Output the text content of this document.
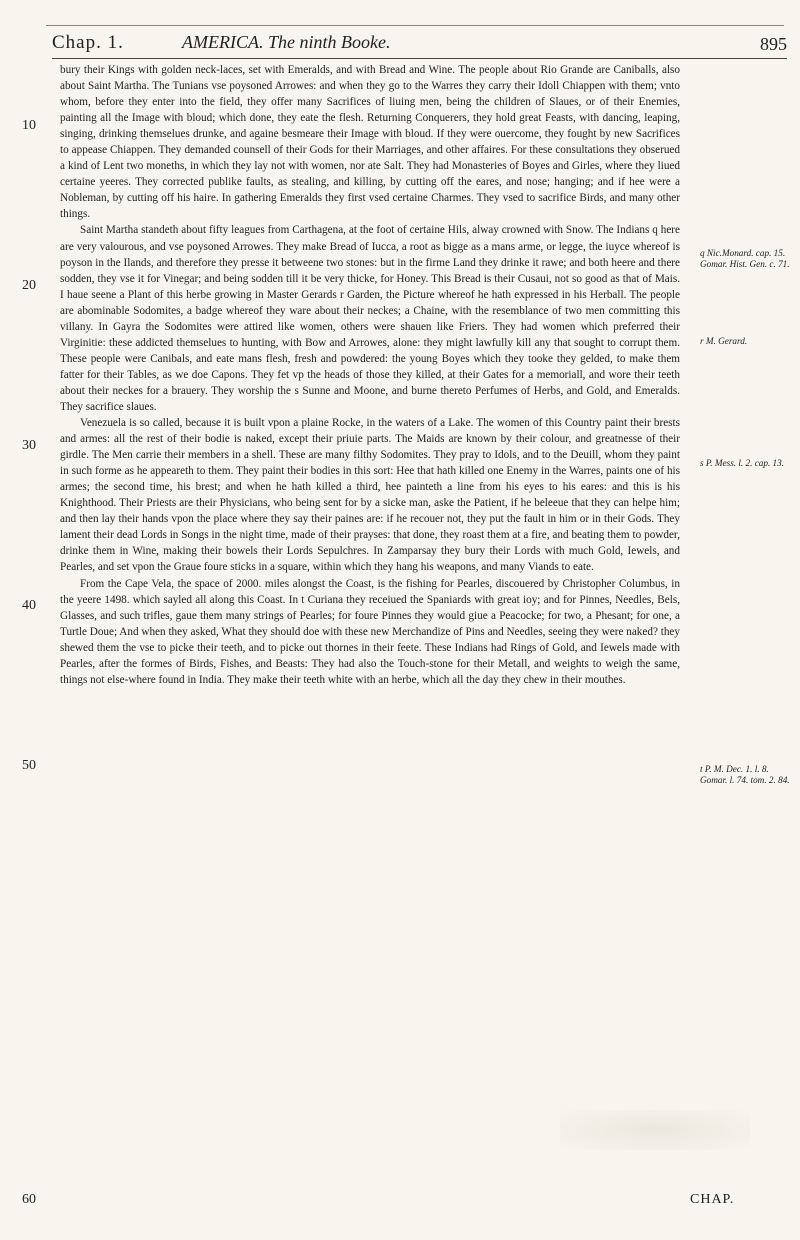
Chap. 1.	AMERICA. The ninth Booke.	895
10
20
30
40
50
60

bury their Kings with golden neck-laces, set with Emeralds, and with Bread and Wine. The people about Rio Grande are Caniballs, also about Saint Martha. The Tunians vse poysoned Arrowes: and when they go to the Warres they carry their Idoll Chiappen with them; vnto whom, before they enter into the field, they offer many Sacrifices of liuing men, being the children of Slaues, or of their Enemies, painting all the Image with bloud; which done, they eate the flesh. Returning Conquerers, they hold great Feasts, with dancing, leaping, singing, drinking themselues drunke, and againe besmeare their Image with bloud. If they were ouercome, they fought by new Sacrifices to appease Chiappen. They demanded counsell of their Gods for their Marriages, and other affaires. For these consultations they obserued a kind of Lent two moneths, in which they lay not with women, nor ate Salt. They had Monasteries of Boyes and Girles, where they liued certaine yeeres. They corrected publike faults, as stealing, and killing, by cutting off the eares, and nose; hanging; and if hee were a Nobleman, by cutting off his haire. In gathering Emeralds they first vsed certaine Charmes. They vsed to sacrifice Birds, and many other things.

Saint Martha standeth about fifty leagues from Carthagena, at the foot of certaine Hils, alway crowned with Snow. The Indians q here are very valourous, and vse poysoned Arrowes. They make Bread of Iucca, a root as bigge as a mans arme, or legge, the iuyce whereof is poyson in the Ilands, and therefore they presse it betweene two stones: but in the firme Land they drinke it rawe; and both heere and there sodden, they vse it for Vinegar; and being sodden till it be very thicke, for Honey. This Bread is their Cusaui, not so good as that of Mais. I haue seene a Plant of this herbe growing in Master Gerards r Garden, the Picture whereof he hath expressed in his Herball. The people are abominable Sodomites, a badge whereof they ware about their neckes; a Chaine, with the resemblance of two men committing this villany. In Gayra the Sodomites were attired like women, others were shauen like Friers. They had women which preferred their Virginitie: these addicted themselues to hunting, with Bow and Arrowes, alone: they might lawfully kill any that sought to corrupt them. These people were Canibals, and eate mans flesh, fresh and powdered: the young Boyes which they tooke they gelded, to make them fatter for their Tables, as we doe Capons. They fet vp the heads of those they killed, at their Gates for a memoriall, and wore their teeth about their neckes for a brauery. They worship the s Sunne and Moone, and burne thereto Perfumes of Herbs, and Gold, and Emeralds. They sacrifice slaues.

Venezuela is so called, because it is built vpon a plaine Rocke, in the waters of a Lake. The women of this Country paint their brests and armes: all the rest of their bodie is naked, except their priuie parts. The Maids are known by their colour, and greatnesse of their girdle. The Men carrie their members in a shell. These are many filthy Sodomites. They pray to Idols, and to the Deuill, whom they paint in such forme as he appeareth to them. They paint their bodies in this sort: Hee that hath killed one Enemy in the Warres, paints one of his armes; the second time, his brest; and when he hath killed a third, hee painteth a line from his eyes to his eares: and this is his Knighthood. Their Priests are their Physicians, who being sent for by a sicke man, aske the Patient, if he beleeue that they can helpe him; and then lay their hands vpon the place where they say their paines are: if he recouer not, they put the fault in him or in their Gods. They lament their dead Lords in Songs in the night time, made of their prayses: that done, they roast them at a fire, and beating them to powder, drinke them in Wine, making their bowels their Lords Sepulchres. In Zamparsay they bury their Lords with much Gold, Iewels, and Pearles, and set vpon the Graue foure sticks in a square, within which they hang his weapons, and many Viands to eate.

From the Cape Vela, the space of 2000. miles alongst the Coast, is the fishing for Pearles, discouered by Christopher Columbus, in the yeere 1498. which sayled all along this Coast. In t Curiana they receiued the Spaniards with great ioy; and for Pinnes, Needles, Bels, Glasses, and such trifles, gaue them many strings of Pearles; for foure Pinnes they would giue a Peacocke; for two, a Phesant; for one, a Turtle Doue; And when they asked, What they should doe with these new Merchandize of Pins and Needles, seeing they were naked? they shewed them the vse to picke their teeth, and to picke out thornes in their feete. These Indians had Rings of Gold, and Iewels made with Pearles, after the formes of Birds, Fishes, and Beasts: They had also the Touch-stone for their Metall, and weights to weigh the same, things not else-where found in India. They make their teeth white with an herbe, which all the day they chew in their mouthes.

q Nic.Monard. cap. 15. Gomar. Hist. Gen. c. 71.
r M. Gerard.
s P. Mess. l. 2. cap. 13.
t P. M. Dec. 1. l. 8. Gomar. l. 74. tom. 2. 84.
CHAP.
